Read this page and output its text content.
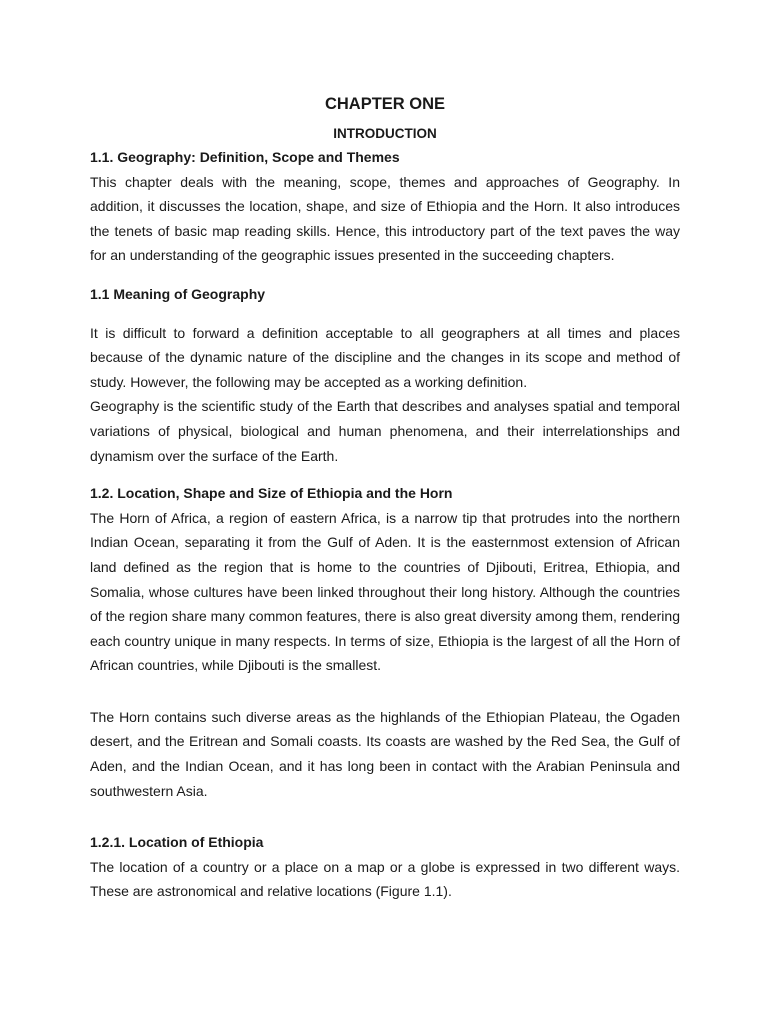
CHAPTER ONE
INTRODUCTION
1.1. Geography: Definition, Scope and Themes

This chapter deals with the meaning, scope, themes and approaches of Geography. In addition, it discusses the location, shape, and size of Ethiopia and the Horn. It also introduces the tenets of basic map reading skills. Hence, this introductory part of the text paves the way for an understanding of the geographic issues presented in the succeeding chapters.

1.1 Meaning of Geography

It is difficult to forward a definition acceptable to all geographers at all times and places because of the dynamic nature of the discipline and the changes in its scope and method of study. However, the following may be accepted as a working definition.

Geography is the scientific study of the Earth that describes and analyses spatial and temporal variations of physical, biological and human phenomena, and their interrelationships and dynamism over the surface of the Earth.

1.2. Location, Shape and Size of Ethiopia and the Horn

The Horn of Africa, a region of eastern Africa, is a narrow tip that protrudes into the northern Indian Ocean, separating it from the Gulf of Aden. It is the easternmost extension of African land defined as the region that is home to the countries of Djibouti, Eritrea, Ethiopia, and Somalia, whose cultures have been linked throughout their long history. Although the countries of the region share many common features, there is also great diversity among them, rendering each country unique in many respects. In terms of size, Ethiopia is the largest of all the Horn of African countries, while Djibouti is the smallest.

The Horn contains such diverse areas as the highlands of the Ethiopian Plateau, the Ogaden desert, and the Eritrean and Somali coasts. Its coasts are washed by the Red Sea, the Gulf of Aden, and the Indian Ocean, and it has long been in contact with the Arabian Peninsula and southwestern Asia.

1.2.1. Location of Ethiopia

The location of a country or a place on a map or a globe is expressed in two different ways. These are astronomical and relative locations (Figure 1.1).
